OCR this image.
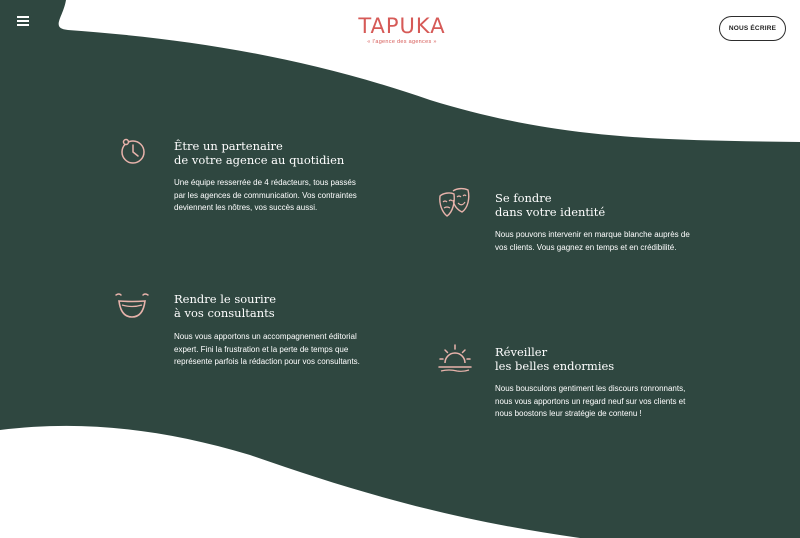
TAPUKA
« l'agence des agences »
NOUS ÉCRIRE
Être un partenaire
de votre agence au quotidien

Une équipe resserrée de 4 rédacteurs, tous passés par les agences de communication. Vos contraintes deviennent les nôtres, vos succès aussi.

Se fondre
dans votre identité

Nous pouvons intervenir en marque blanche auprès de vos clients. Vous gagnez en temps et en crédibilité.

Rendre le sourire
à vos consultants

Nous vous apportons un accompagnement éditorial expert. Fini la frustration et la perte de temps que représente parfois la rédaction pour vos consultants.

Réveiller
les belles endormies

Nous bousculons gentiment les discours ronronnants, nous vous apportons un regard neuf sur vos clients et nous boostons leur stratégie de contenu !
